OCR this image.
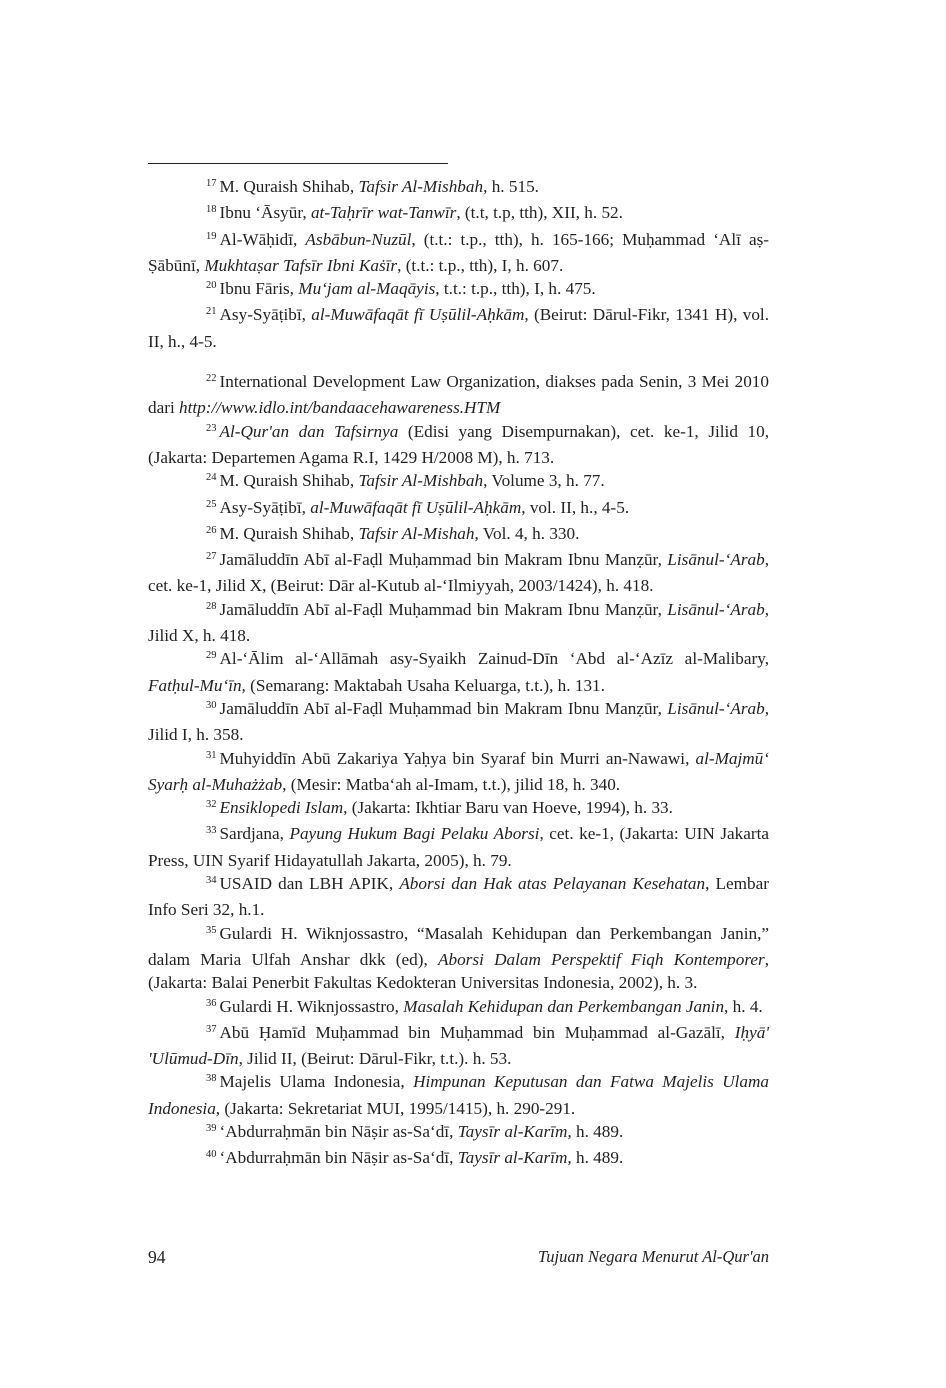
$^{17}$ M. Quraish Shihab, Tafsir Al-Mishbah, h. 515.

$^{18}$ Ibnu ‘Āsyūr, at-Taḥrīr wat-Tanwīr, (t.t, t.p, tth), XII, h. 52.

$^{19}$ Al-Wāḥidī, Asbābun-Nuzūl, (t.t.: t.p., tth), h. 165-166; Muḥammad ‘Alī aṣ-Ṣābūnī, Mukhtaṣar Tafsīr Ibni Kaṡīr, (t.t.: t.p., tth), I, h. 607.

$^{20}$ Ibnu Fāris, Mu‘jam al-Maqāyis, t.t.: t.p., tth), I, h. 475.

$^{21}$ Asy-Syāṭibī, al-Muwāfaqāt fī Uṣūlil-Aḥkām, (Beirut: Dārul-Fikr, 1341 H), vol. II, h., 4-5.

$^{22}$ International Development Law Organization, diakses pada Senin, 3 Mei 2010 dari http://www.idlo.int/bandaacehawareness.HTM

$^{23}$ Al-Qur'an dan Tafsirnya (Edisi yang Disempurnakan), cet. ke-1, Jilid 10, (Jakarta: Departemen Agama R.I, 1429 H/2008 M), h. 713.

$^{24}$ M. Quraish Shihab, Tafsir Al-Mishbah, Volume 3, h. 77.

$^{25}$ Asy-Syāṭibī, al-Muwāfaqāt fī Uṣūlil-Aḥkām, vol. II, h., 4-5.

$^{26}$ M. Quraish Shihab, Tafsir Al-Mishah, Vol. 4, h. 330.

$^{27}$ Jamāluddīn Abī al-Faḍl Muḥammad bin Makram Ibnu Manẓūr, Lisānul-‘Arab, cet. ke-1, Jilid X, (Beirut: Dār al-Kutub al-‘Ilmiyyah, 2003/1424), h. 418.

$^{28}$ Jamāluddīn Abī al-Faḍl Muḥammad bin Makram Ibnu Manẓūr, Lisānul-‘Arab, Jilid X, h. 418.

$^{29}$ Al-‘Ālim al-‘Allāmah asy-Syaikh Zainud-Dīn ‘Abd al-‘Azīz al-Malibary, Fatḥul-Mu‘īn, (Semarang: Maktabah Usaha Keluarga, t.t.), h. 131.

$^{30}$ Jamāluddīn Abī al-Faḍl Muḥammad bin Makram Ibnu Manẓūr, Lisānul-‘Arab, Jilid I, h. 358.

$^{31}$ Muhyiddīn Abū Zakariya Yaḥya bin Syaraf bin Murri an-Nawawi, al-Majmū‘ Syarḥ al-Muhażżab, (Mesir: Matba‘ah al-Imam, t.t.), jilid 18, h. 340.

$^{32}$ Ensiklopedi Islam, (Jakarta: Ikhtiar Baru van Hoeve, 1994), h. 33.

$^{33}$ Sardjana, Payung Hukum Bagi Pelaku Aborsi, cet. ke-1, (Jakarta: UIN Jakarta Press, UIN Syarif Hidayatullah Jakarta, 2005), h. 79.

$^{34}$ USAID dan LBH APIK, Aborsi dan Hak atas Pelayanan Kesehatan, Lembar Info Seri 32, h.1.

$^{35}$ Gulardi H. Wiknjossastro, “Masalah Kehidupan dan Perkembangan Janin,” dalam Maria Ulfah Anshar dkk (ed), Aborsi Dalam Perspektif Fiqh Kontemporer, (Jakarta: Balai Penerbit Fakultas Kedokteran Universitas Indonesia, 2002), h. 3.

$^{36}$ Gulardi H. Wiknjossastro, Masalah Kehidupan dan Perkembangan Janin, h. 4.

$^{37}$ Abū Ḥamīd Muḥammad bin Muḥammad bin Muḥammad al-Gazālī, Iḥyā' 'Ulūmud-Dīn, Jilid II, (Beirut: Dārul-Fikr, t.t.). h. 53.

$^{38}$ Majelis Ulama Indonesia, Himpunan Keputusan dan Fatwa Majelis Ulama Indonesia, (Jakarta: Sekretariat MUI, 1995/1415), h. 290-291.

$^{39}$ ‘Abdurraḥmān bin Nāṣir as-Sa‘dī, Taysīr al-Karīm, h. 489.

$^{40}$ ‘Abdurraḥmān bin Nāṣir as-Sa‘dī, Taysīr al-Karīm, h. 489.

94	Tujuan Negara Menurut Al-Qur'an
